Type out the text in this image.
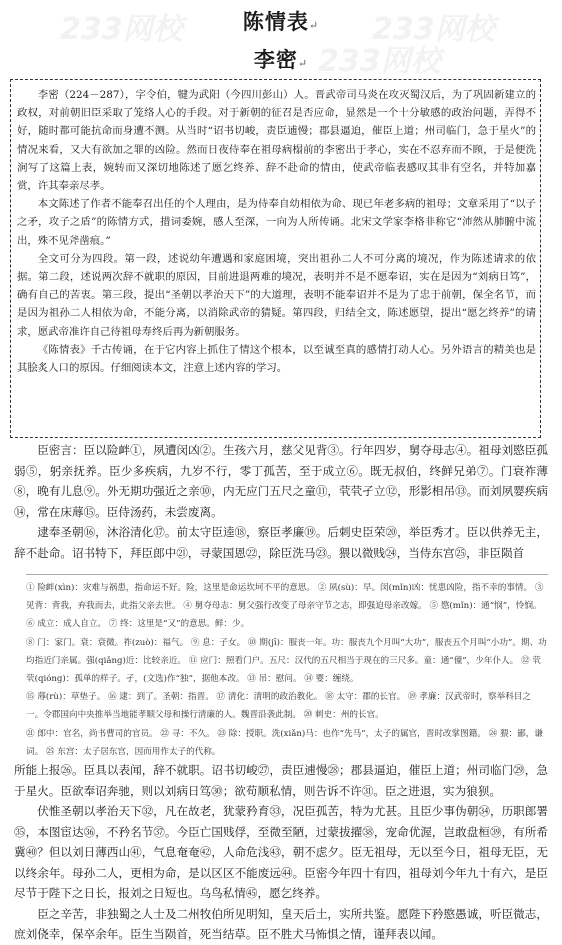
233网校	233网校
233网校
陈情表↵
李密↵

李密（224－287），字令伯，犍为武阳（今四川彭山）人。晋武帝司马炎在攻灭蜀汉后，为了巩固新建立的政权，对前朝旧臣采取了笼络人心的手段。对于新朝的征召是否应命，显然是一个十分敏感的政治问题，弄得不好，随时都可能抗命而身遭不测。从当时“诏书切峻，责臣逋慢；郡县逼迫，催臣上道；州司临门，急于星火”的情况来看，又大有欲加之罪的凶险。然而日夜侍奉在祖母病榻前的李密出于孝心，实在不忍弃而不顾，于是便洗涧写了这篇上表，婉转而又深切地陈述了愿乞终养、辞不赴命的情由，使武帝临表感叹其非有空名，并特加嘉赏，许其奉亲尽孝。

本文陈述了作者不能奉召出任的个人理由，是为侍奉自幼相依为命、现已年老多病的祖母；文章采用了“以子之矛，攻子之盾”的陈情方式，措词委婉，感人至深，一向为人所传诵。北宋文学家李格非称它“沛然从肺腑中流出，殊不见斧凿痕。”

全文可分为四段。第一段，述说幼年遭遇和家庭困境，突出祖孙二人不可分离的境况，作为陈述请求的依据。第二段，述说两次辞不就职的原因，目前进退两难的境况，表明并不是不愿奉诏，实在是因为“刘病日笃”，确有自己的苦衷。第三段，提出“圣朝以孝治天下”的大道理，表明不能奉诏并不是为了忠于前朝，保全名节，而是因为祖孙二人相依为命，不能分离，以消除武帝的猜疑。第四段，归结全文，陈述愿望，提出“愿乞终养”的请求，愿武帝准许自己待祖母寿终后再为新朝服务。

《陈情表》千古传诵，在于它内容上抓住了情这个根本，以至诚至真的感情打动人心。另外语言的精美也是其脍炙人口的原因。仔细阅读本文，注意上述内容的学习。

臣密言：臣以险衅①，夙遭闵凶②。生孩六月，慈父见背③。行年四岁，舅夺母志④。祖母刘愍臣孤弱⑤，躬亲抚养。臣少多疾病，九岁不行，零丁孤苦，至于成立⑥。既无叔伯，终鲜兄弟⑦。门衰祚薄⑧，晚有儿息⑨。外无期功强近之亲⑩，内无应门五尺之童⑪，茕茕孑立⑫，形影相吊⑬。而刘夙婴疾病⑭，常在床蓐⑮。臣侍汤药，未尝废离。

逮奉圣朝⑯，沐浴清化⑰。前太守臣逵⑱，察臣孝廉⑲。后刺史臣荣⑳，举臣秀才。臣以供养无主，辞不赴命。诏书特下，拜臣郎中㉑，寻蒙国恩㉒，除臣洗马㉓。猥以微贱㉔，当侍东宫㉕，非臣陨首

① 险衅(xìn)：灾难与祸患，指命运不好。险，这里是命运坎坷不平的意思。 ② 夙(sù)：早。闵(mǐn)凶：忧患凶险，指不幸的事情。 ③ 见背：背我，弃我而去，此指父亲去世。 ④ 舅夺母志：舅父强行改变了母亲守节之志，即强迫母亲改嫁。 ⑤ 愍(mǐn)：通“悯”，怜悯。 ⑥ 成立：成人自立。 ⑦ 终：这里是“又”的意思。鲜：少。

⑧ 门：家门。衰：衰微。祚(zuò)：福气。 ⑨ 息：子女。 ⑩ 期(jī)：服丧一年。功：服丧九个月叫“大功”，服丧五个月叫“小功”。期、功均指近门亲属。强(qiǎng)近：比较亲近。 ⑪ 应门：照看门户。五尺：汉代的五尺相当于现在的三尺多。童：通“僮”，少年仆人。 ⑫ 茕茕(qióng)：孤单的样子。孑，(文选)作“独”，据他本改。 ⑬ 吊：慰问。 ⑭ 婴：缠绕。

⑮ 蓐(rù)：草垫子。 ⑯ 逮：到了。圣朝：指晋。 ⑰ 清化：清明的政治教化。 ⑱ 太守：郡的长官。 ⑲ 孝廉：汉武帝时，察举科目之一。令郡国向中央推举当地能孝顺父母和操行清廉的人。魏晋沿袭此制。 ⑳ 刺史：州的长官。

㉑ 郎中：官名，尚书曹司的官员。 ㉒ 寻：不久。 ㉓ 除：授职。洗(xiǎn)马：也作“先马”，太子的属官，晋时改掌图籍。 ㉔ 猥：鄙，谦词。 ㉕ 东宫：太子居东宫，因而用作太子的代称。

所能上报㉖。臣具以表闻，辞不就职。诏书切峻㉗，责臣逋慢㉘；郡县逼迫，催臣上道；州司临门㉙，急于星火。臣欲奉诏奔驰，则以刘病日笃㉚；欲苟顺私情，则告诉不许㉛。臣之进退，实为狼狈。

伏惟圣朝以孝治天下㉜，凡在故老，犹蒙矜育㉝，况臣孤苦，特为尤甚。且臣少事伪朝㉞，历职郎署㉟，本图宦达㊱，不矜名节㊲。今臣亡国贱俘，至微至陋，过蒙拔擢㊳，宠命优渥，岂敢盘桓㊴，有所希冀㊵？但以刘日薄西山㊶，气息奄奄㊷，人命危浅㊸，朝不虑夕。臣无祖母，无以至今日，祖母无臣，无以终余年。母孙二人，更相为命，是以区区不能废远㊹。臣密今年四十有四，祖母刘今年九十有六，是臣尽节于陛下之日长，报刘之日短也。乌鸟私情㊺，愿乞终养。

臣之辛苦，非独蜀之人士及二州牧伯所见明知，皇天后土，实所共鉴。愿陛下矜愍愚诚，听臣微志，庶刘侥幸，保卒余年。臣生当陨首，死当结草。臣不胜犬马怖惧之情，谨拜表以闻。
